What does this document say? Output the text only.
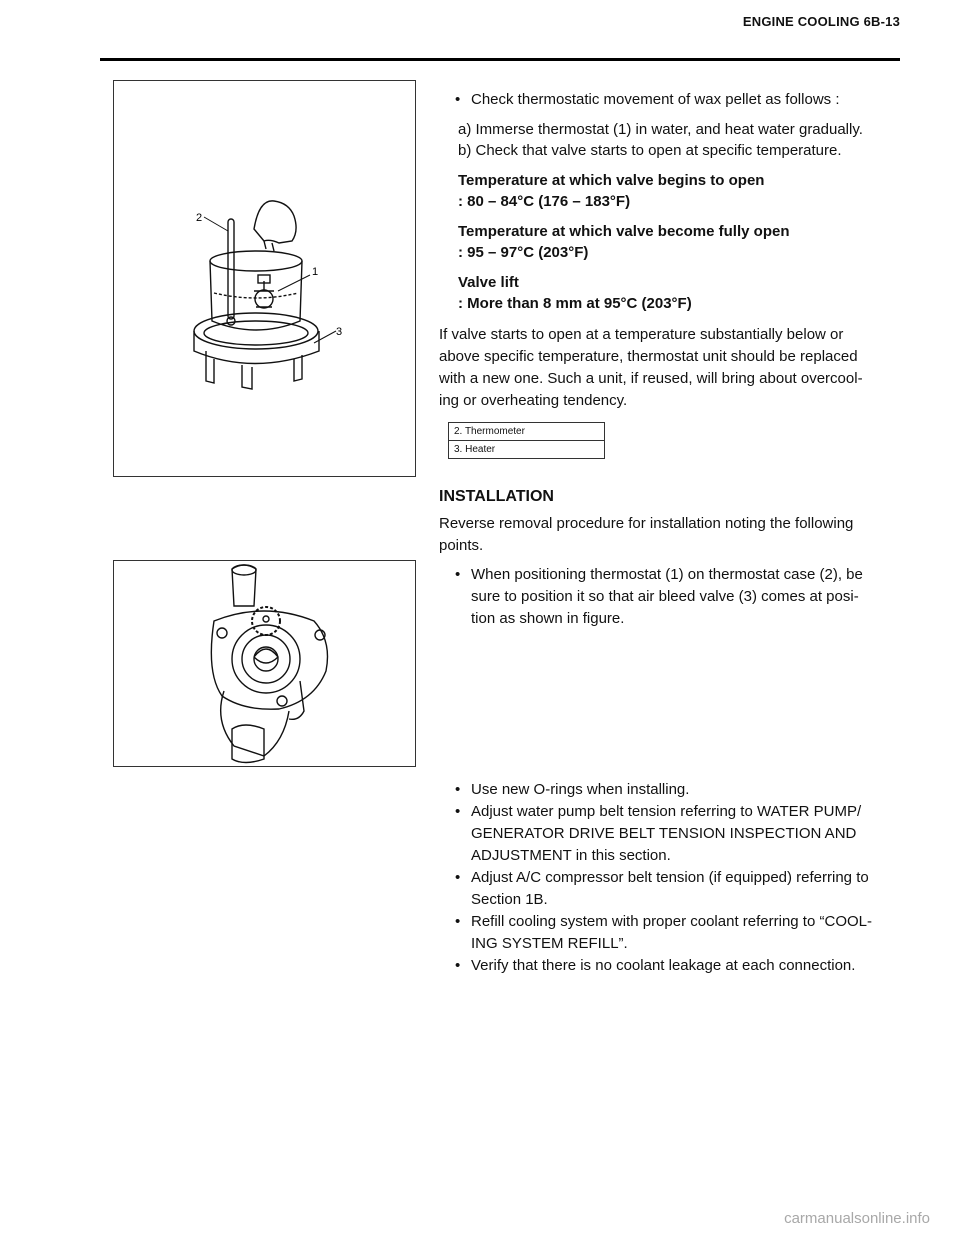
ENGINE COOLING 6B-13
2
1
3
• Check thermostatic movement of wax pellet as follows :
a) Immerse thermostat (1) in water, and heat water gradually.
b) Check that valve starts to open at specific temperature.
Temperature at which valve begins to open
: 80 – 84°C (176 – 183°F)
Temperature at which valve become fully open
: 95 – 97°C (203°F)
Valve lift
: More than 8 mm at 95°C (203°F)
If valve starts to open at a temperature substantially below or
above specific temperature, thermostat unit should be replaced
with a new one. Such a unit, if reused, will bring about overcool-
ing or overheating tendency.
2. Thermometer
3. Heater
INSTALLATION
Reverse removal procedure for installation noting the following
points.
• When positioning thermostat (1) on thermostat case (2), be
sure to position it so that air bleed valve (3) comes at posi-
tion as shown in figure.
• Use new O-rings when installing.
• Adjust water pump belt tension referring to WATER PUMP/
GENERATOR DRIVE BELT TENSION INSPECTION AND
ADJUSTMENT in this section.
• Adjust A/C compressor belt tension (if equipped) referring to
Section 1B.
• Refill cooling system with proper coolant referring to “COOL-
ING SYSTEM REFILL”.
• Verify that there is no coolant leakage at each connection.
carmanualsonline.info
